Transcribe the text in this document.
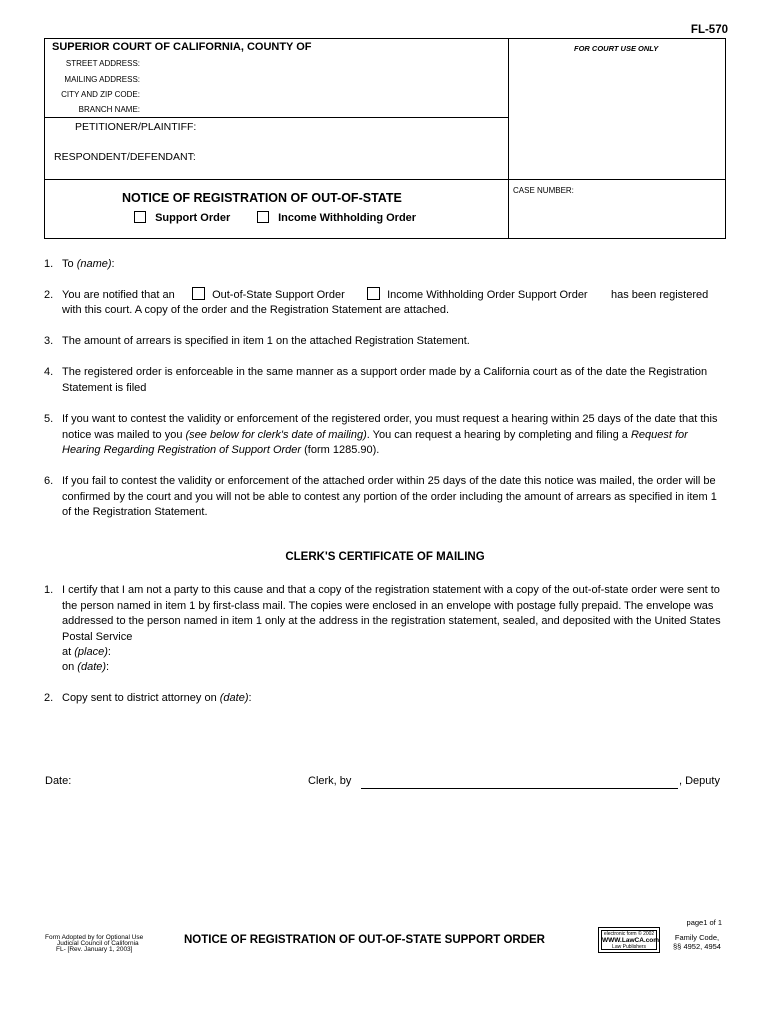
FL-570
SUPERIOR COURT OF CALIFORNIA, COUNTY OF	FOR COURT USE ONLY
STREET ADDRESS:
MAILING ADDRESS:
CITY AND ZIP CODE:
BRANCH NAME:
PETITIONER/PLAINTIFF:
RESPONDENT/DEFENDANT:
CASE NUMBER:
NOTICE OF REGISTRATION OF OUT-OF-STATE
Support Order	Income Withholding Order
1. To (name):
2. You are notified that an	Out-of-State Support Order	Income Withholding Order Support Order has been registered
with this court. A copy of the order and the Registration Statement are attached.
3. The amount of arrears is specified in item 1 on the attached Registration Statement.
4. The registered order is enforceable in the same manner as a support order made by a California court as of the date the Registration Statement is filed
5. If you want to contest the validity or enforcement of the registered order, you must request a hearing within 25 days of the date that this notice was mailed to you (see below for clerk's date of mailing). You can request a hearing by completing and filing a Request for Hearing Regarding Registration of Support Order (form 1285.90).
6. If you fail to contest the validity or enforcement of the attached order within 25 days of the date this notice was mailed, the order will be confirmed by the court and you will not be able to contest any portion of the order including the amount of arrears as specified in item 1 of the Registration Statement.
CLERK'S CERTIFICATE OF MAILING
1. I certify that I am not a party to this cause and that a copy of the registration statement with a copy of the out-of-state order were sent to the person named in item 1 by first-class mail. The copies were enclosed in an envelope with postage fully prepaid. The envelope was addressed to the person named in item 1 only at the address in the registration statement, sealed, and deposited with the United States Postal Service
at (place):
on (date):
2. Copy sent to district attorney on (date):
Date:	Clerk, by	, Deputy
page1 of 1
Form Adopted by for Optional Use
Judicial Council of California
FL- [Rev. January 1, 2003]
NOTICE OF REGISTRATION OF OUT-OF-STATE SUPPORT ORDER	electronic form © 2002
WWW.LawCA.com
Law Publishers
Family Code,
§§ 4952, 4954
